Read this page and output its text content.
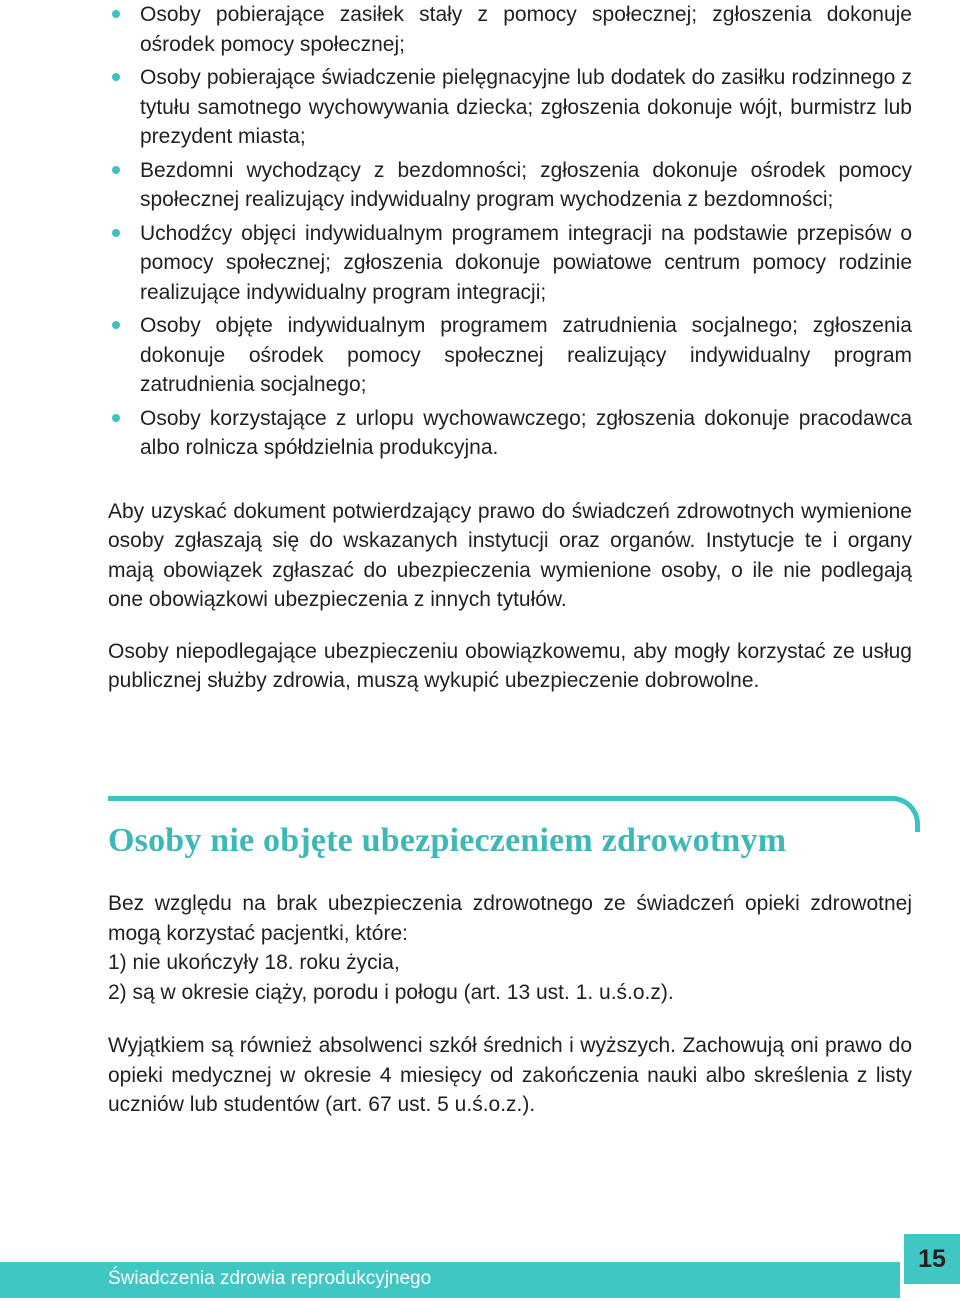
Osoby pobierające zasiłek stały z pomocy społecznej; zgłoszenia dokonuje ośrodek pomocy społecznej;
Osoby pobierające świadczenie pielęgnacyjne lub dodatek do zasiłku rodzinnego z tytułu samotnego wychowywania dziecka; zgłoszenia dokonuje wójt, burmistrz lub prezydent miasta;
Bezdomni wychodzący z bezdomności; zgłoszenia dokonuje ośrodek pomocy społecznej realizujący indywidualny program wychodzenia z bezdomności;
Uchodźcy objęci indywidualnym programem integracji na podstawie przepisów o pomocy społecznej; zgłoszenia dokonuje powiatowe centrum pomocy rodzinie realizujące indywidualny program integracji;
Osoby objęte indywidualnym programem zatrudnienia socjalnego; zgłoszenia dokonuje ośrodek pomocy społecznej realizujący indywidualny program zatrudnienia socjalnego;
Osoby korzystające z urlopu wychowawczego; zgłoszenia dokonuje pracodawca albo rolnicza spółdzielnia produkcyjna.

Aby uzyskać dokument potwierdzający prawo do świadczeń zdrowotnych wymienione osoby zgłaszają się do wskazanych instytucji oraz organów. Instytucje te i organy mają obowiązek zgłaszać do ubezpieczenia wymienione osoby, o ile nie podlegają one obowiązkowi ubezpieczenia z innych tytułów.

Osoby niepodlegające ubezpieczeniu obowiązkowemu, aby mogły korzystać ze usług publicznej służby zdrowia, muszą wykupić ubezpieczenie dobrowolne.

Osoby nie objęte ubezpieczeniem zdrowotnym

Bez względu na brak ubezpieczenia zdrowotnego ze świadczeń opieki zdrowotnej mogą korzystać pacjentki, które:

1) nie ukończyły 18. roku życia,

2) są w okresie ciąży, porodu i połogu (art. 13 ust. 1. u.ś.o.z).

Wyjątkiem są również absolwenci szkół średnich i wyższych. Zachowują oni prawo do opieki medycznej w okresie 4 miesięcy od zakończenia nauki albo skreślenia z listy uczniów lub studentów (art. 67 ust. 5 u.ś.o.z.).

Świadczenia zdrowia reprodukcyjnego
15
